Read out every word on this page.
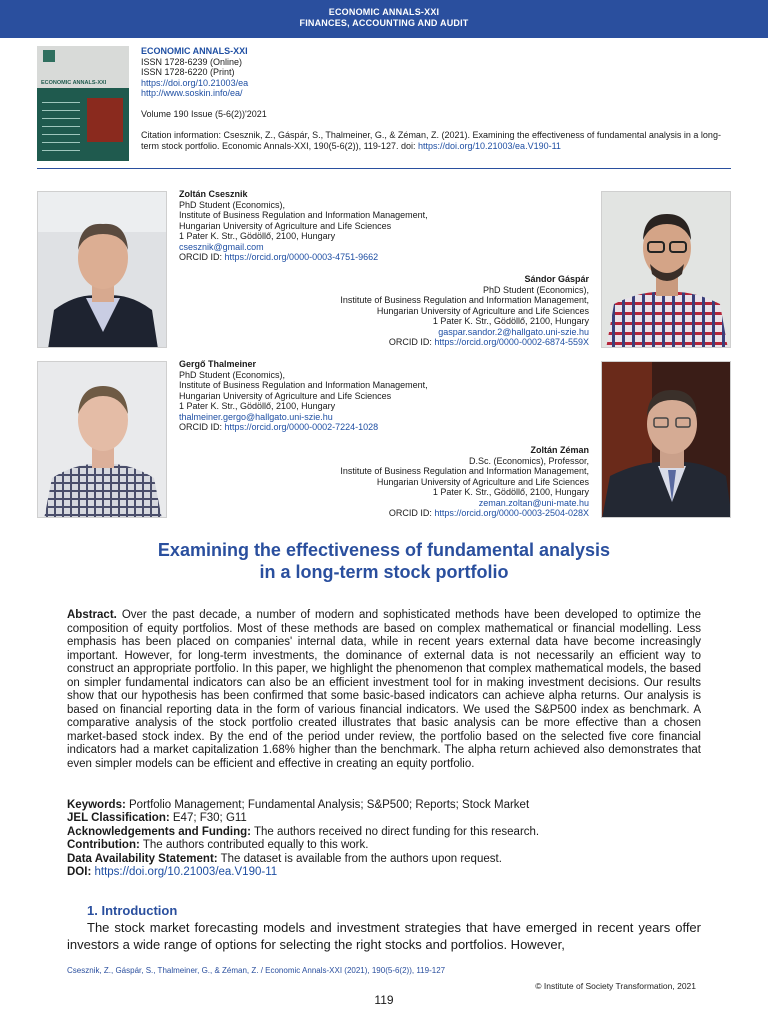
ECONOMIC ANNALS-XXI
FINANCES, ACCOUNTING AND AUDIT
ECONOMIC ANNALS-XXI
ECONOMIC ANNALS-XXI
ISSN 1728-6239 (Online)
ISSN 1728-6220 (Print)
https://doi.org/10.21003/ea
http://www.soskin.info/ea/
Volume 190 Issue (5-6(2))'2021
Citation information: Csesznik, Z., Gáspár, S., Thalmeiner, G., & Zéman, Z. (2021). Examining the effectiveness of fundamental analysis in a long-term stock portfolio. Economic Annals-XXI, 190(5-6(2)), 119-127. doi: https://doi.org/10.21003/ea.V190-11
Zoltán Csesznik
PhD Student (Economics),
Institute of Business Regulation and Information Management,
Hungarian University of Agriculture and Life Sciences
1 Pater K. Str., Gödöllő, 2100, Hungary
csesznik@gmail.com
ORCID ID: https://orcid.org/0000-0003-4751-9662
Sándor Gáspár
PhD Student (Economics),
Institute of Business Regulation and Information Management,
Hungarian University of Agriculture and Life Sciences
1 Pater K. Str., Gödöllő, 2100, Hungary
gaspar.sandor.2@hallgato.uni-szie.hu
ORCID ID: https://orcid.org/0000-0002-6874-559X
Gergő Thalmeiner
PhD Student (Economics),
Institute of Business Regulation and Information Management,
Hungarian University of Agriculture and Life Sciences
1 Pater K. Str., Gödöllő, 2100, Hungary
thalmeiner.gergo@hallgato.uni-szie.hu
ORCID ID: https://orcid.org/0000-0002-7224-1028
Zoltán Zéman
D.Sc. (Economics), Professor,
Institute of Business Regulation and Information Management,
Hungarian University of Agriculture and Life Sciences
1 Pater K. Str., Gödöllő, 2100, Hungary
zeman.zoltan@uni-mate.hu
ORCID ID: https://orcid.org/0000-0003-2504-028X
Examining the effectiveness of fundamental analysis
in a long-term stock portfolio
Abstract. Over the past decade, a number of modern and sophisticated methods have been developed to optimize the composition of equity portfolios. Most of these methods are based on complex mathematical or financial modelling. Less emphasis has been placed on companies' internal data, while in recent years external data have become increasingly important. However, for long-term investments, the dominance of external data is not necessarily an efficient way to construct an appropriate portfolio. In this paper, we highlight the phenomenon that complex mathematical models, the based on simpler fundamental indicators can also be an efficient investment tool for in making investment decisions. Our results show that our hypothesis has been confirmed that some basic-based indicators can achieve alpha returns. Our analysis is based on financial reporting data in the form of various financial indicators. We used the S&P500 index as benchmark. A comparative analysis of the stock portfolio created illustrates that basic analysis can be more effective than a chosen market-based stock index. By the end of the period under review, the portfolio based on the selected five core financial indicators had a market capitalization 1.68% higher than the benchmark. The alpha return achieved also demonstrates that even simpler models can be efficient and effective in creating an equity portfolio.
Keywords: Portfolio Management; Fundamental Analysis; S&P500; Reports; Stock Market
JEL Classification: E47; F30; G11
Acknowledgements and Funding: The authors received no direct funding for this research.
Contribution: The authors contributed equally to this work.
Data Availability Statement: The dataset is available from the authors upon request.
DOI: https://doi.org/10.21003/ea.V190-11
1. Introduction
The stock market forecasting models and investment strategies that have emerged in recent years offer investors a wide range of options for selecting the right stocks and portfolios. However,
Csesznik, Z., Gáspár, S., Thalmeiner, G., & Zéman, Z. / Economic Annals-XXI (2021), 190(5-6(2)), 119-127
© Institute of Society Transformation, 2021
119
